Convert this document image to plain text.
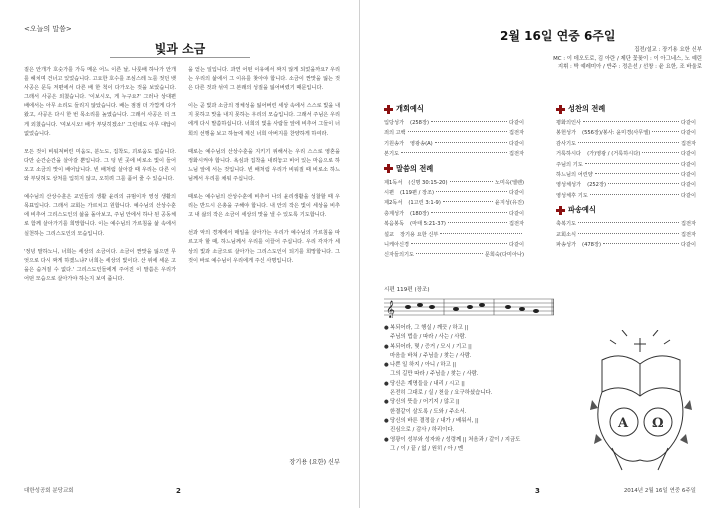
<오늘의 말씀>
빛과 소금

짙은 안개가 호숫가를 가득 메운 어느 이른 날, 나룻배 하나가 안개를 헤치며 건너고 있었습니다. 고요한 호수를 조심스레 노를 젓던 뱃사공은 문득 저편에서 다른 배 한 척이 다가오는 것을 보았습니다. 그래서 사공은 외쳤습니다. '이보시오, 게 누구요?' 그러나 상대편 배에서는 아무 소리도 들리지 않았습니다. 배는 점점 더 가깝게 다가왔고, 사공은 다시 한 번 목소리를 높였습니다. 그래서 사공은 더 크게 외쳤습니다. '여보시오! 배가 부딪히겠소!' 그런데도 아무 대답이 없었습니다.

모든 것이 비워져버린 미움도, 분노도, 집착도, 괴로움도 없습니다. 다만 순간순간을 살아갈 뿐입니다. 그 텅 빈 곳에 비로소 빛이 들어오고 소금의 맛이 배어납니다. 빈 배처럼 살아갈 때 우리는 다른 이와 부딪혀도 상처를 입히지 않고, 오히려 그를 품어 줄 수 있습니다.

예수님의 산상수훈은 교인들의 생활 윤리의 규범이자 영성 생활의 목표입니다. 그래서 교회는 가르치고 원합니다. 예수님의 산상수훈에 비추어 그리스도인의 삶을 돌아보고, 주님 안에서 하나 된 공동체로 함께 살아가기를 희망합니다. 이는 예수님의 가르침을 삶 속에서 실천하는 그리스도인의 모습입니다.

'정녕 말하노니, 너희는 세상의 소금이다. 소금이 짠맛을 잃으면 무엇으로 다시 짜게 하겠느냐? 너희는 세상의 빛이다. 산 위에 세운 고을은 숨겨질 수 없다.' 그리스도인들에게 주어진 이 말씀은 우리가 어떤 모습으로 살아가야 하는지 보여 줍니다.

을 얻는 일입니다. 과연 어떤 이유에서 짜지 않게 되었을까요? 우리는 우리의 삶에서 그 이유를 찾아야 합니다. 소금이 짠맛을 잃는 것은 다른 것과 섞여 그 본래의 성질을 잃어버렸기 때문입니다.

이는 곧 빛과 소금의 정체성을 잃어버린 세상 속에서 스스로 빛을 내지 못하고 맛을 내지 못하는 우리의 모습입니다. 그래서 주님은 우리에게 다시 말씀하십니다. 너희의 빛을 사람들 앞에 비추어 그들이 너희의 선행을 보고 하늘에 계신 너희 아버지를 찬양하게 하여라.

때로는 예수님의 산상수훈을 지키기 위해서는 우리 스스로 영혼을 정화시켜야 합니다. 욕심과 집착을 내려놓고 비어 있는 마음으로 하느님 앞에 서는 것입니다. 빈 배처럼 우리가 비워질 때 비로소 하느님께서 우리를 채워 주십니다.

때로는 예수님의 산상수훈에 비추어 나의 윤리생활을 성찰할 때 우리는 반드시 은총을 구해야 합니다. 내 안의 작은 빛이 세상을 비추고 내 삶의 작은 소금이 세상의 맛을 낼 수 있도록 기도합니다.

선과 악의 경계에서 매일을 살아가는 우리가 예수님의 가르침을 따르고자 할 때, 하느님께서 우리를 이끌어 주십니다. 우리 각자가 세상의 빛과 소금으로 살아가는 그리스도인이 되기를 희망합니다. 그것이 바로 예수님이 우리에게 주신 사명입니다.

장기용 (요한) 신부
대한성공회 분당교회	2
2월 16일 연중 6주일
집전/설교 : 장기용 요한 신부
MC : 이 데오도로, 김 아란 / 제단 꽃꽂이 : 이 아그네스, 노 예린
지휘 : 박 예레미아 / 반주 : 정은선 / 선창 : 윤 요한, 조 바울로
개회예식
입당성가 (258장)	다같이
죄의 고백	집전자
기원송가 영광송(A)	다같이
본기도	집전자
말씀의 전례
제1독서 (신명 30:15-20)	노미옥(엘렌)
시편 (119편 / 장조)	다같이
제2독서 (1고린 3:1-9)	윤지성(유진)
층계성가 (180장)	다같이
복음봉독 (마태 5:21-37)	집전자
설교 장기용 요한 신부
니케아신경	다같이
신자들의기도	문희숙(다미아나)
성찬의 전례
평화의인사	다같이
봉헌성가 (556장)/봉사: 윤미경(사무엘)	다같이
감사기도	집전자
거룩하시다 (가)영광 / (거룩하시다)	다같이
주님의 기도	다같이
하느님의 어린양	다같이
영성체성가 (252장)	다같이
영성체후 기도	다같이
파송예식
축복기도	집전자
교회소식	집전자
파송성가 (478장)	다같이
시편 119편 (장조)
𝄞
●복되어라, 그 행실 / 깨끗 / 하고 ||
주님의 법을 / 따라 / 사는 / 사람.
●복되어라, 몇 / 증거 / 모시 / 기고 ||
마음을 바쳐 / 주님을 / 찾는 / 사람.
●나쁜 일 하지 / 아니 / 하고 ||
그의 길만 따라 / 주님을 / 찾는 / 사람.
●당신은 계명들을 / 내리 / 시고 ||
온전히 그대로 / 실 / 천을 / 요구하셨습니다.
●당신의 뜻을 / 어기지 / 않고 ||
한결같이 살도록 / 도와 / 주소서.
●당신의 바른 결정을 / 내가 / 배워서, ||
진심으로 / 감사 / 하리이다.
●영광이 성부와 성자와 / 성령께 || 처음과 / 같이 / 지금도
그 / 이 / 끝 / 없 / 원히 / 아 / 멘
A Ω
3	2014년 2월 16일 연중 6주일
